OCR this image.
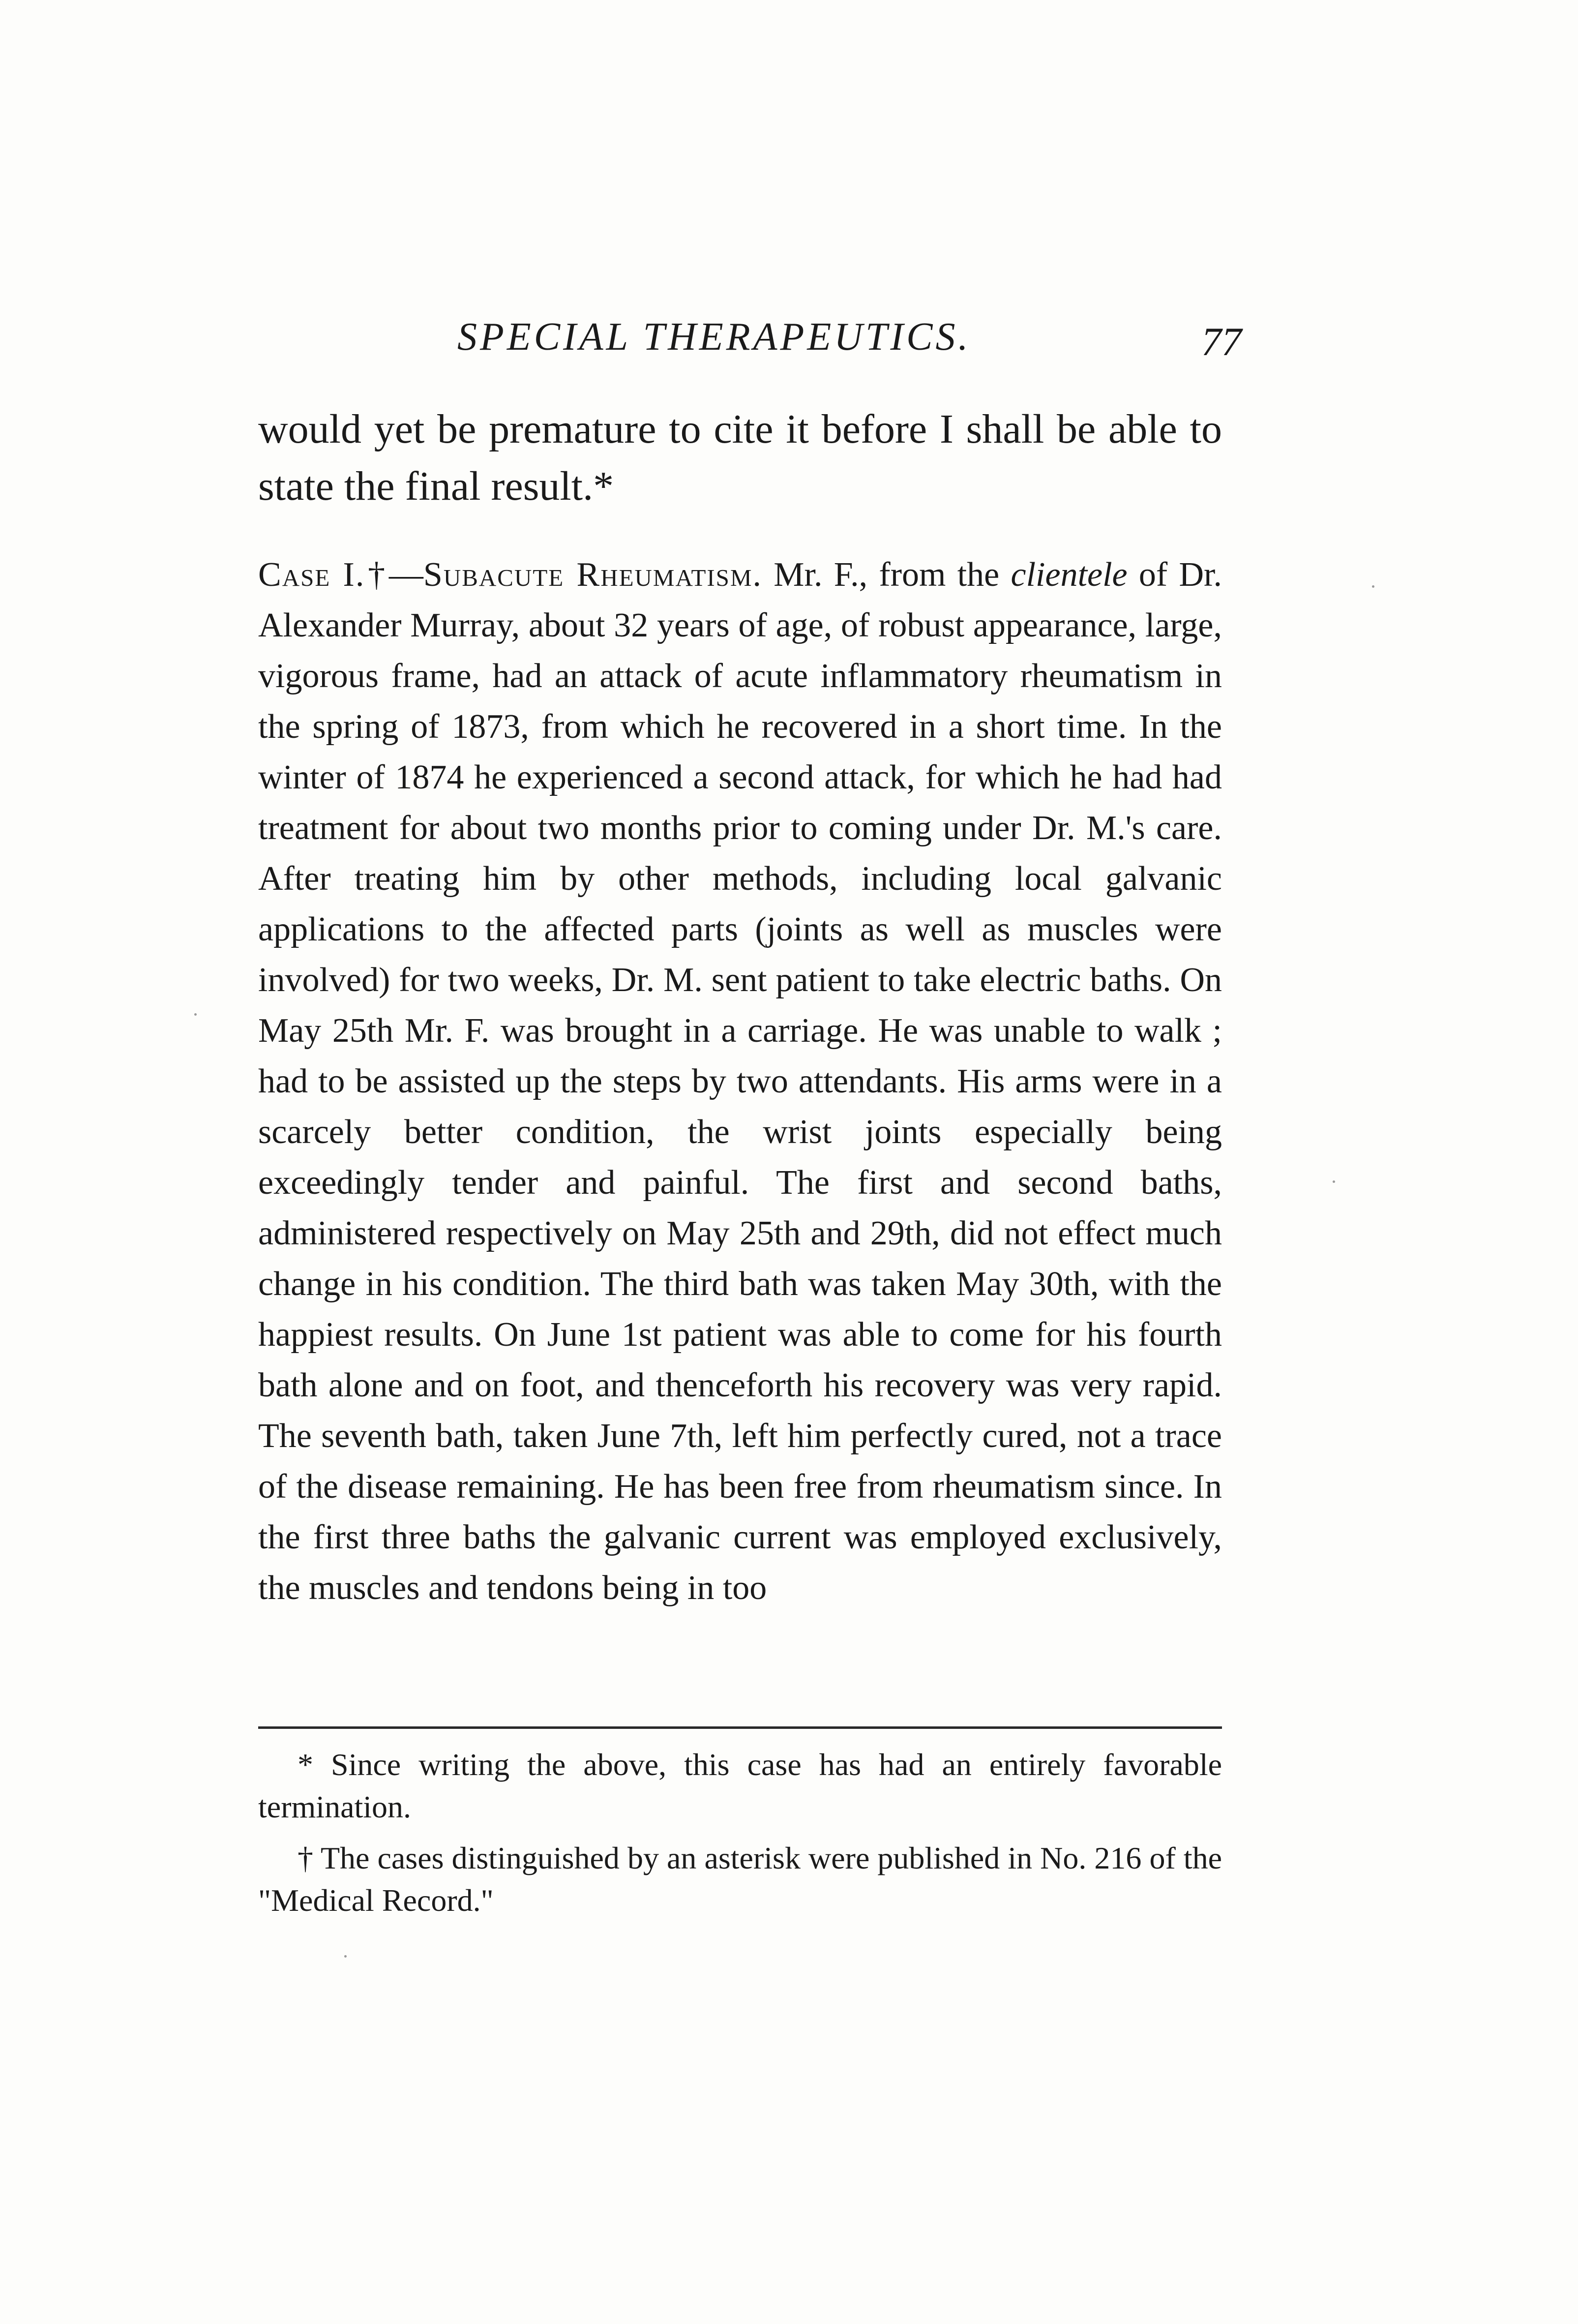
SPECIAL THERAPEUTICS.	77

would yet be premature to cite it before I shall be able to state the final result.*

Case I.†—Subacute Rheumatism. Mr. F., from the clientele of Dr. Alexander Murray, about 32 years of age, of robust appearance, large, vigorous frame, had an attack of acute inflammatory rheumatism in the spring of 1873, from which he recovered in a short time. In the winter of 1874 he experienced a second attack, for which he had had treatment for about two months prior to coming under Dr. M.'s care. After treating him by other methods, including local galvanic applications to the affected parts (joints as well as muscles were involved) for two weeks, Dr. M. sent patient to take electric baths. On May 25th Mr. F. was brought in a carriage. He was unable to walk ; had to be assisted up the steps by two attendants. His arms were in a scarcely better condition, the wrist joints especially being exceedingly tender and painful. The first and second baths, administered respectively on May 25th and 29th, did not effect much change in his condition. The third bath was taken May 30th, with the happiest results. On June 1st patient was able to come for his fourth bath alone and on foot, and thenceforth his recovery was very rapid. The seventh bath, taken June 7th, left him perfectly cured, not a trace of the disease remaining. He has been free from rheumatism since. In the first three baths the galvanic current was employed exclusively, the muscles and tendons being in too

* Since writing the above, this case has had an entirely favorable termination.

† The cases distinguished by an asterisk were published in No. 216 of the "Medical Record."
